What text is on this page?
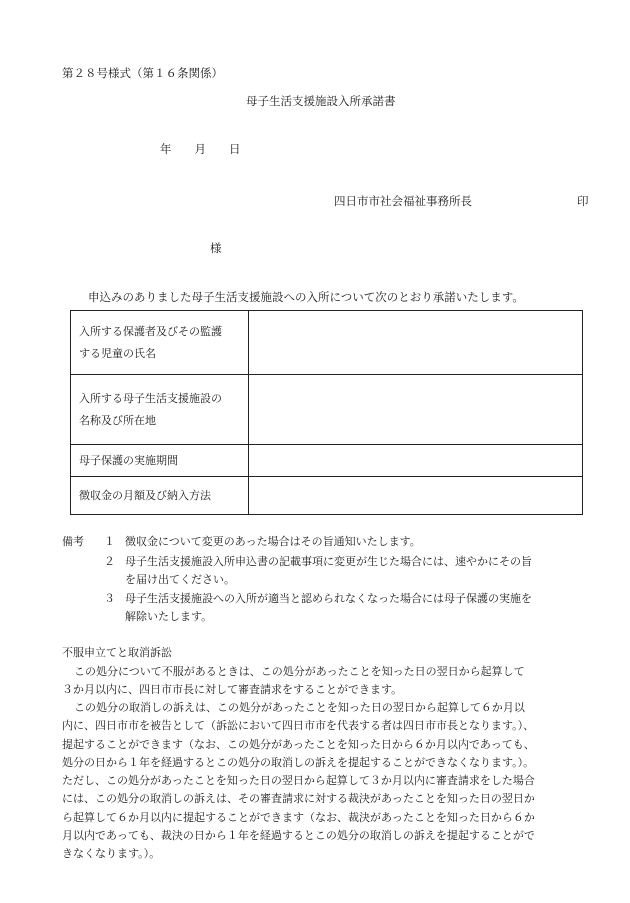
第２８号様式（第１６条関係）
母子生活支援施設入所承諾書
年　　月　　日
四日市市社会福祉事務所長	印
様
申込みのありました母子生活支援施設への入所について次のとおり承諾いたします。
入所する保護者及びその監護
する児童の氏名	

入所する母子生活支援施設の
名称及び所在地	

母子保護の実施期間	

徴収金の月額及び納入方法	

備考 １ 徴収金について変更のあった場合はその旨通知いたします。
２ 母子生活支援施設入所申込書の記載事項に変更が生じた場合には、速やかにその旨
を届け出てください。
３ 母子生活支援施設への入所が適当と認められなくなった場合には母子保護の実施を
解除いたします。
不服申立てと取消訴訟
この処分について不服があるときは、この処分があったことを知った日の翌日から起算して
３か月以内に、四日市市長に対して審査請求をすることができます。
この処分の取消しの訴えは、この処分があったことを知った日の翌日から起算して６か月以
内に、四日市市を被告として（訴訟において四日市市を代表する者は四日市市長となります。）、
提起することができます（なお、この処分があったことを知った日から６か月以内であっても、
処分の日から１年を経過するとこの処分の取消しの訴えを提起することができなくなります。）。
ただし、この処分があったことを知った日の翌日から起算して３か月以内に審査請求をした場合
には、この処分の取消しの訴えは、その審査請求に対する裁決があったことを知った日の翌日か
ら起算して６か月以内に提起することができます（なお、裁決があったことを知った日から６か
月以内であっても、裁決の日から１年を経過するとこの処分の取消しの訴えを提起することがで
きなくなります。）。
